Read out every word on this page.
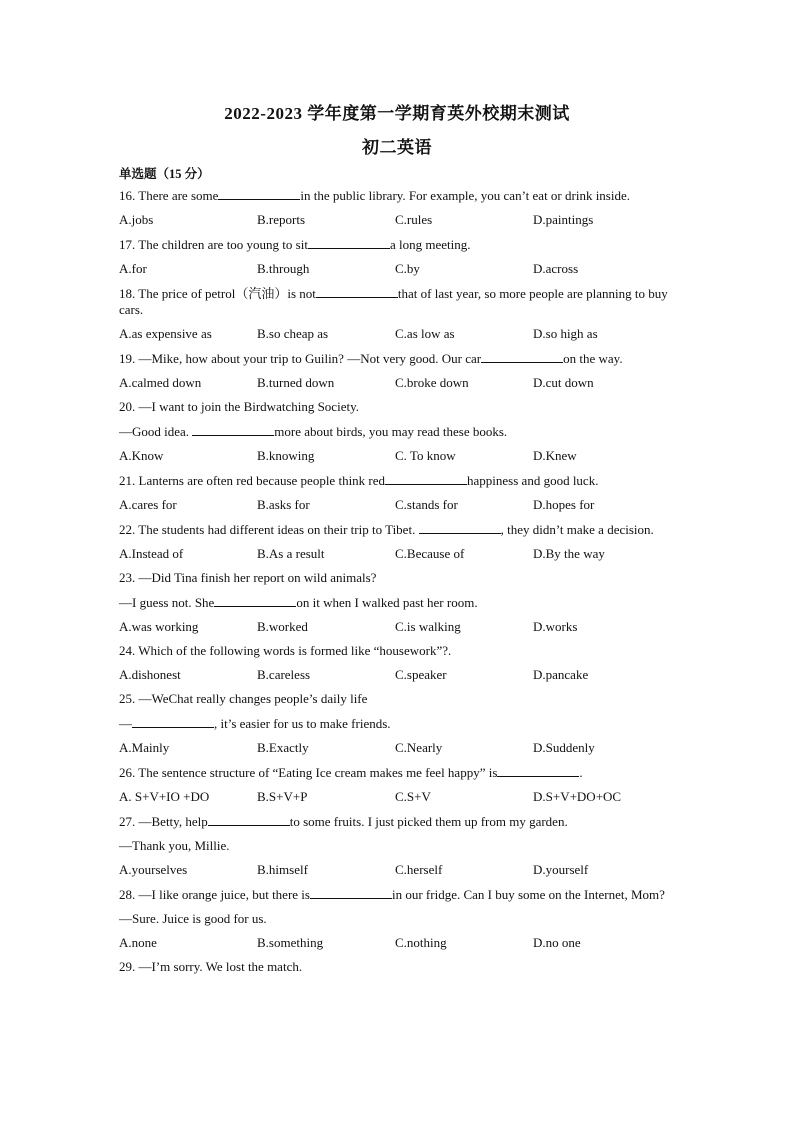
2022-2023 学年度第一学期育英外校期末测试
初二英语
单选题（15 分）
16. There are some	in the public library. For example, you can’t eat or drink inside.
A.jobs	B.reports	C.rules	D.paintings
17. The children are too young to sit	a long meeting.
A.for	B.through	C.by	D.across
18. The price of petrol（汽油）is not	that of last year, so more people are planning to buy cars.
A.as expensive as	B.so cheap as	C.as low as	D.so high as
19. —Mike, how about your trip to Guilin? —Not very good. Our car	on the way.
A.calmed down	B.turned down	C.broke down	D.cut down
20. —I want to join the Birdwatching Society.
—Good idea.	more about birds, you may read these books.
A.Know	B.knowing	C. To know	D.Knew
21. Lanterns are often red because people think red	happiness and good luck.
A.cares for	B.asks for	C.stands for	D.hopes for
22. The students had different ideas on their trip to Tibet.	, they didn’t make a decision.
A.Instead of	B.As a result	C.Because of	D.By the way
23. —Did Tina finish her report on wild animals?
—I guess not. She	on it when I walked past her room.
A.was working	B.worked	C.is walking	D.works
24. Which of the following words is formed like “housework”?.
A.dishonest	B.careless	C.speaker	D.pancake
25. —WeChat really changes people’s daily life
—	, it’s easier for us to make friends.
A.Mainly	B.Exactly	C.Nearly	D.Suddenly
26. The sentence structure of “Eating Ice cream makes me feel happy” is	.
A. S+V+IO +DO	B.S+V+P	C.S+V	D.S+V+DO+OC
27. —Betty, help	to some fruits. I just picked them up from my garden.
—Thank you, Millie.
A.yourselves	B.himself	C.herself	D.yourself
28. —I like orange juice, but there is	in our fridge. Can I buy some on the Internet, Mom?
—Sure. Juice is good for us.
A.none	B.something	C.nothing	D.no one
29. —I’m sorry. We lost the match.
